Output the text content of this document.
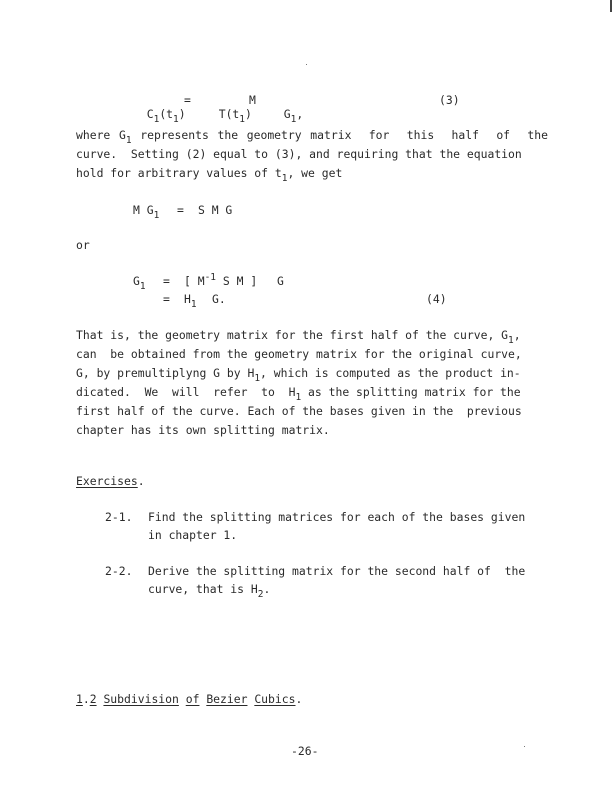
$C_1(t_1)$

=

$T(t_1)$

M

$G_1$,

(3)
where $G_1$ represents the geometry matrix  for  this  half  of  the
curve.  Setting (2) equal to (3), and requiring that the equation
hold for arbitrary values of $t_1$, we get
M $G_1 = S$ M G
or
$G_1$ = [ $M^{-1}$ S M ] G
= $H_1$ G.	(4)
That is, the geometry matrix for the first half of the curve, $G_1$,
can  be obtained from the geometry matrix for the original curve,
G, by premultiplyng G by $H_1$, which is computed as the product in-
dicated.  We  will  refer  to  $H_1$ as the splitting matrix for the
first half of the curve. Each of the bases given in the  previous
chapter has its own splitting matrix.
Exercises.
2-1. Find the splitting matrices for each of the bases given
in chapter 1.
2-2. Derive the splitting matrix for the second half of  the
curve, that is $H_2$.
1.2 Subdivision of Bezier Cubics.
-26-
